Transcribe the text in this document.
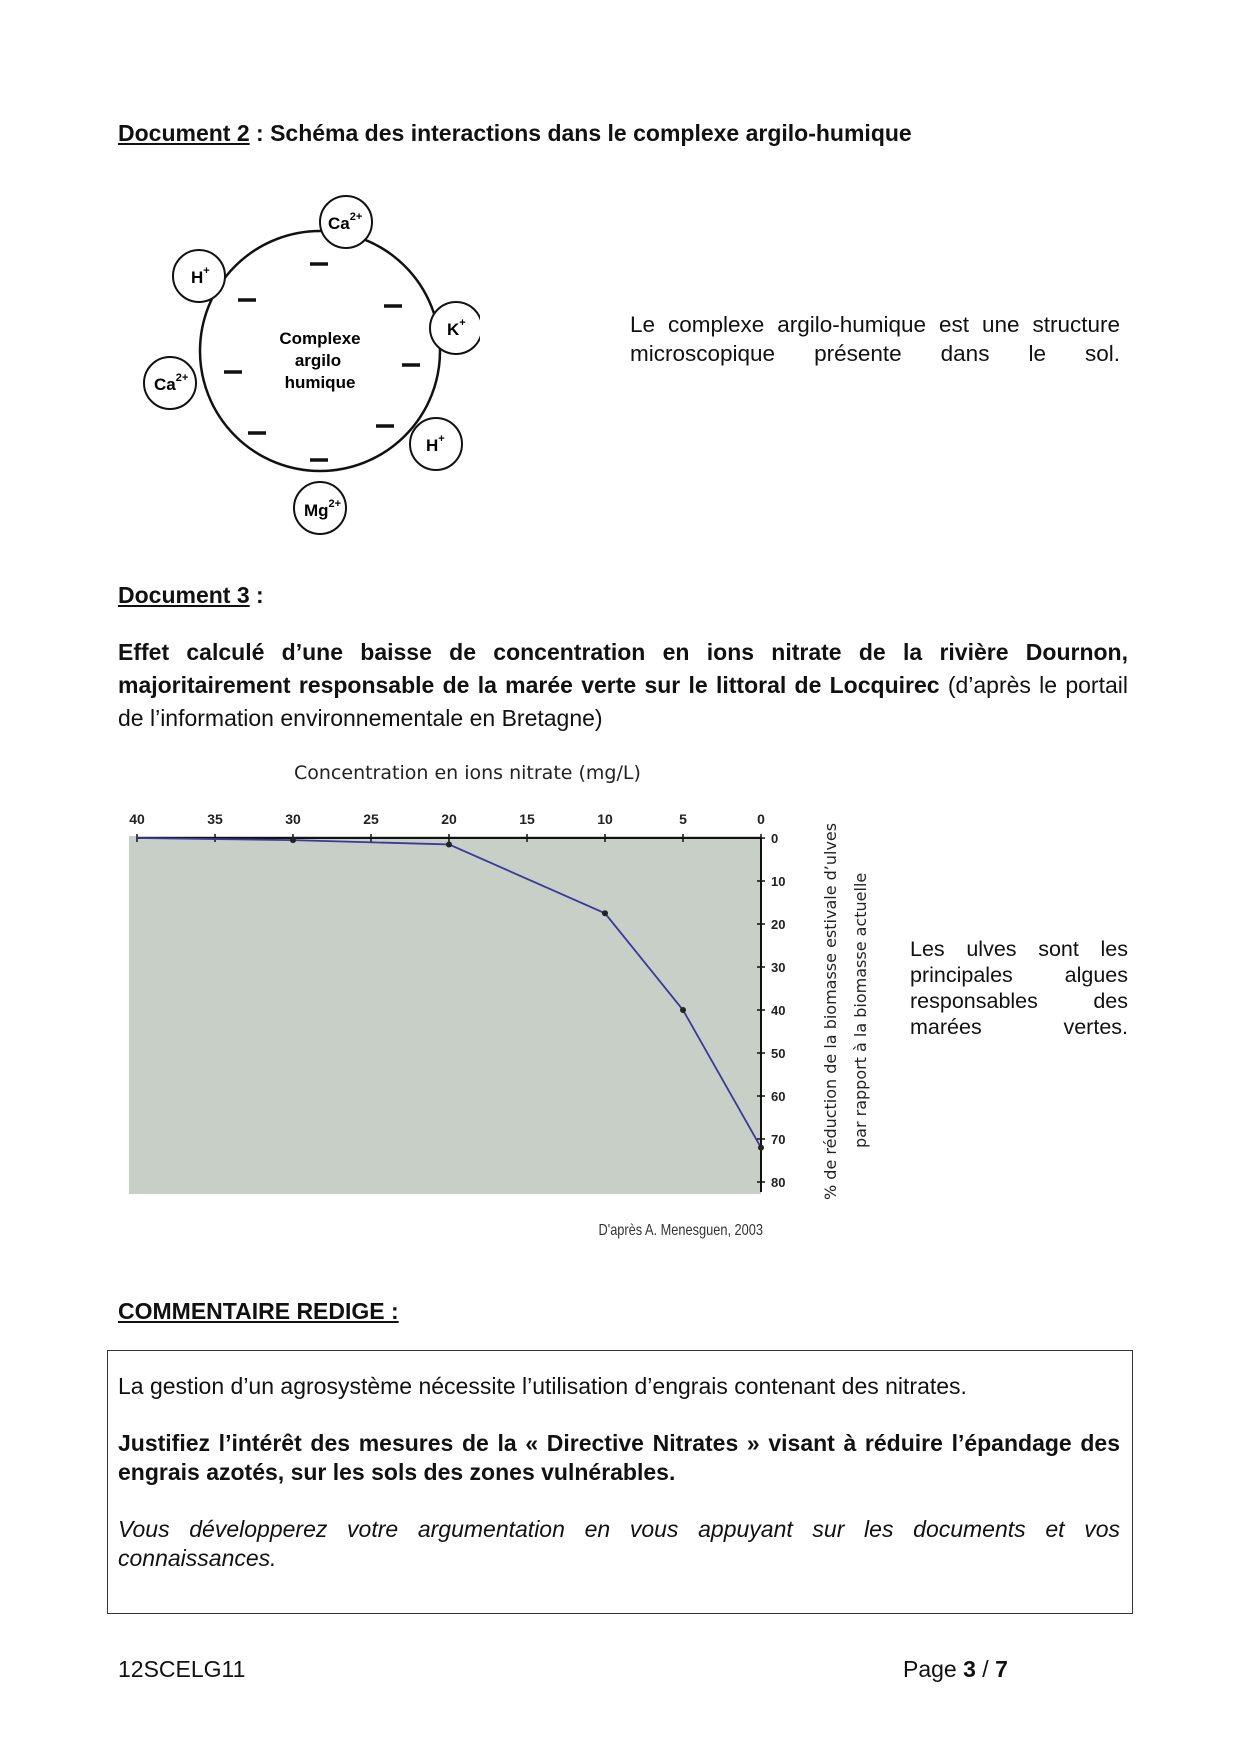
Document 2 : Schéma des interactions dans le complexe argilo-humique
Complexe
argilo
humique
$Ca^{2+}$
H+
K+
$Ca^{2+}$
H+
$Mg^{2+}$
Le complexe argilo-humique est une structure microscopique présente dans le sol.
Document 3 :
Effet calculé d’une baisse de concentration en ions nitrate de la rivière Dournon, majoritairement responsable de la marée verte sur le littoral de Locquirec (d’après le portail de l’information environnementale en Bretagne)
Concentration en ions nitrate (mg/L)
40	35	30	25	20	15	10	5	0
0
10
20
30
40
50
60
70
80
D'après A. Menesguen, 2003
% de réduction de la biomasse estivale d’ulves par rapport à la biomasse actuelle Les ulves sont les principales algues responsables des marées vertes.
COMMENTAIRE REDIGE :
La gestion d’un agrosystème nécessite l’utilisation d’engrais contenant des nitrates.
Justifiez l’intérêt des mesures de la « Directive Nitrates » visant à réduire l’épandage des engrais azotés, sur les sols des zones vulnérables.
Vous développerez votre argumentation en vous appuyant sur les documents et vos connaissances.
12SCELG11	Page 3 / 7
